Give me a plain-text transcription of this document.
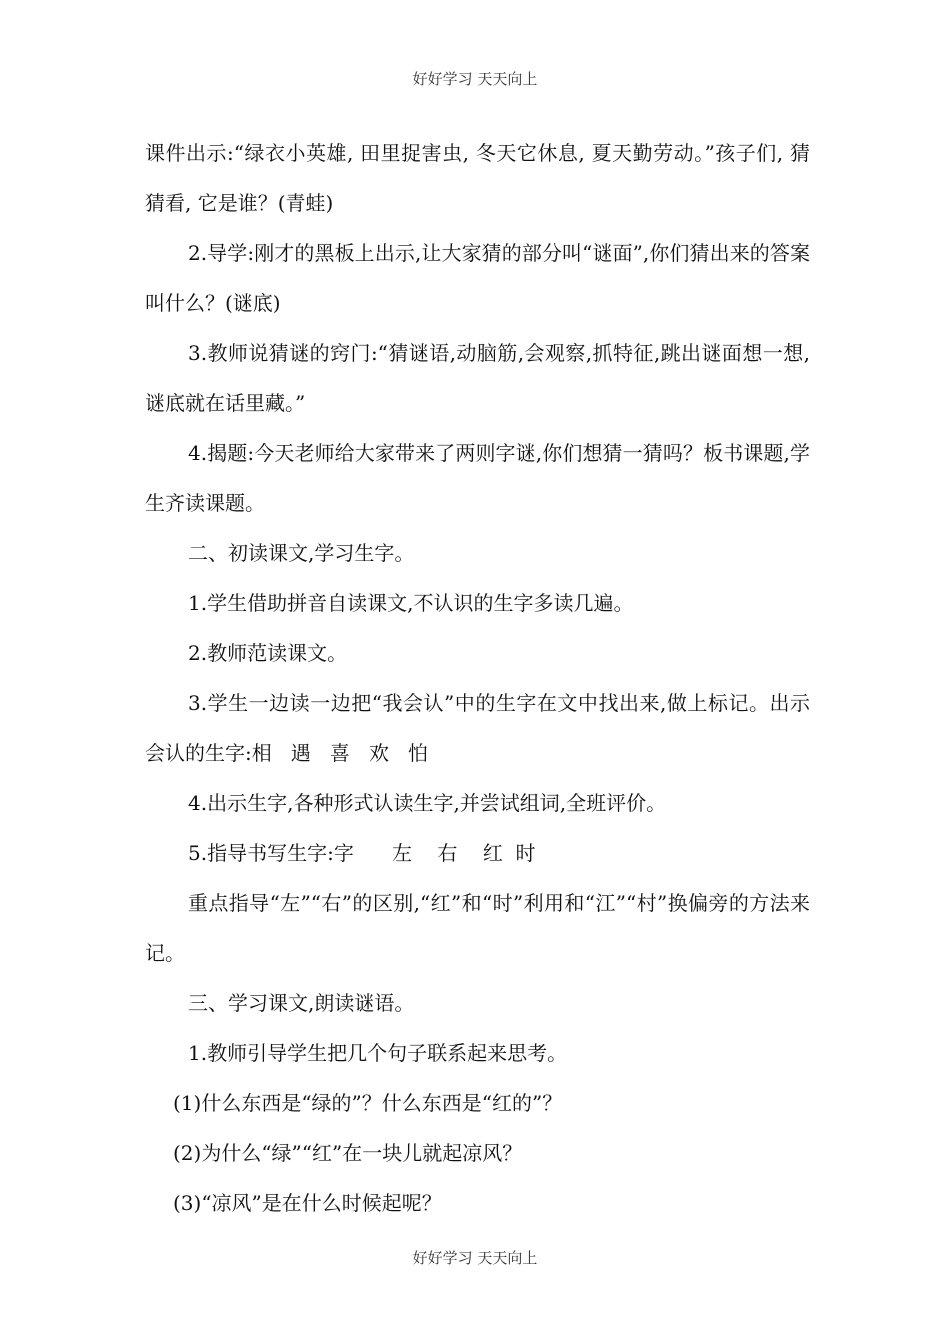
好好学习 天天向上

课件出示:“绿衣小英雄, 田里捉害虫, 冬天它休息, 夏天勤劳动。”孩子们, 猜猜看, 它是谁？(青蛙)

2.导学:刚才的黑板上出示,让大家猜的部分叫“谜面”,你们猜出来的答案叫什么？(谜底)

3.教师说猜谜的窍门:“猜谜语,动脑筋,会观察,抓特征,跳出谜面想一想,谜底就在话里藏。”

4.揭题:今天老师给大家带来了两则字谜,你们想猜一猜吗？板书课题,学生齐读课题。

二、初读课文,学习生字。

1.学生借助拼音自读课文,不认识的生字多读几遍。

2.教师范读课文。

3.学生一边读一边把“我会认”中的生字在文中找出来,做上标记。出示会认的生字:相   遇   喜   欢   怕

4.出示生字,各种形式认读生字,并尝试组词,全班评价。

5.指导书写生字:字      左    右    红  时

重点指导“左”“右”的区别,“红”和“时”利用和“江”“村”换偏旁的方法来记。

三、学习课文,朗读谜语。

1.教师引导学生把几个句子联系起来思考。

(1)什么东西是“绿的”？什么东西是“红的”？

(2)为什么“绿”“红”在一块儿就起凉风？

(3)“凉风”是在什么时候起呢？

好好学习 天天向上
